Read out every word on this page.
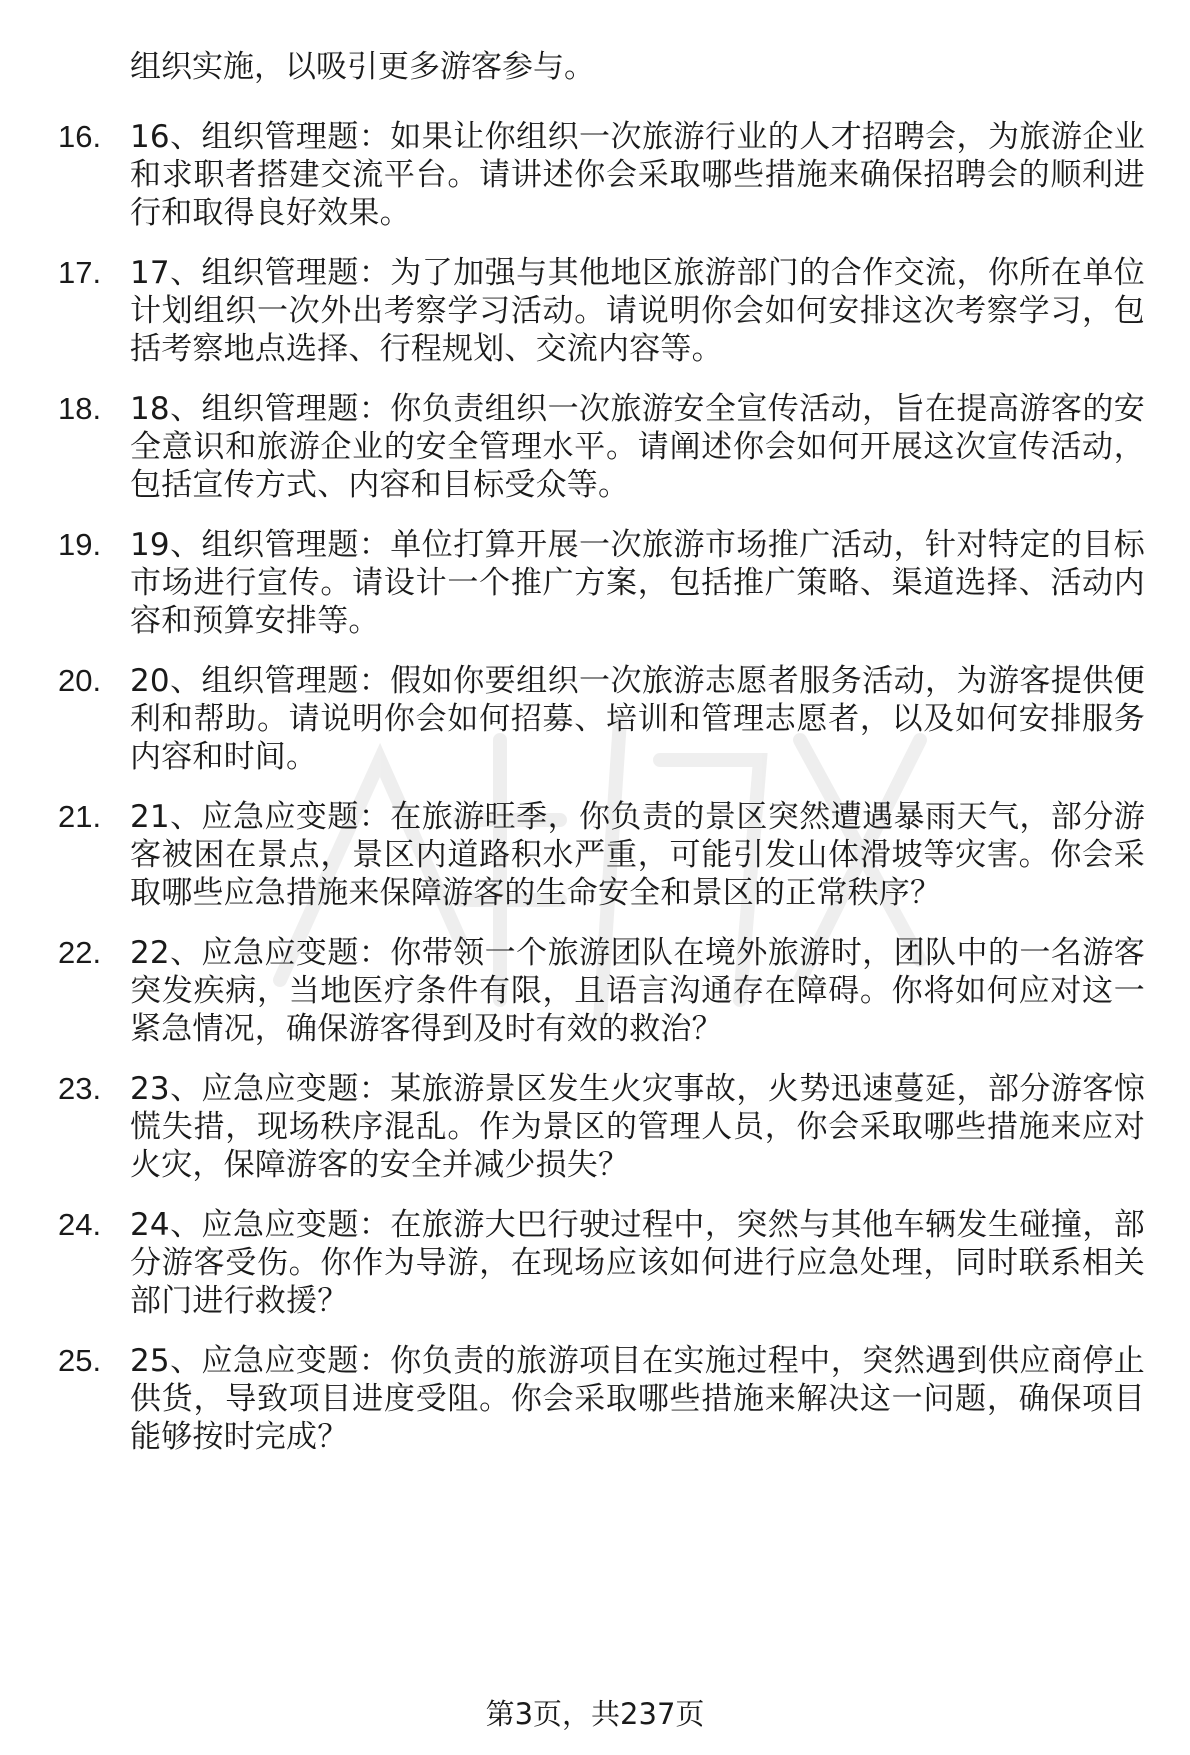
组织实施，以吸引更多游客参与。
16. 16、组织管理题：如果让你组织一次旅游行业的人才招聘会，为旅游企业和求职者搭建交流平台。请讲述你会采取哪些措施来确保招聘会的顺利进行和取得良好效果。
17. 17、组织管理题：为了加强与其他地区旅游部门的合作交流，你所在单位计划组织一次外出考察学习活动。请说明你会如何安排这次考察学习，包括考察地点选择、行程规划、交流内容等。
18. 18、组织管理题：你负责组织一次旅游安全宣传活动，旨在提高游客的安全意识和旅游企业的安全管理水平。请阐述你会如何开展这次宣传活动，包括宣传方式、内容和目标受众等。
19. 19、组织管理题：单位打算开展一次旅游市场推广活动，针对特定的目标市场进行宣传。请设计一个推广方案，包括推广策略、渠道选择、活动内容和预算安排等。
20. 20、组织管理题：假如你要组织一次旅游志愿者服务活动，为游客提供便利和帮助。请说明你会如何招募、培训和管理志愿者，以及如何安排服务内容和时间。
21. 21、应急应变题：在旅游旺季，你负责的景区突然遭遇暴雨天气，部分游客被困在景点，景区内道路积水严重，可能引发山体滑坡等灾害。你会采取哪些应急措施来保障游客的生命安全和景区的正常秩序？
22. 22、应急应变题：你带领一个旅游团队在境外旅游时，团队中的一名游客突发疾病，当地医疗条件有限，且语言沟通存在障碍。你将如何应对这一紧急情况，确保游客得到及时有效的救治？
23. 23、应急应变题：某旅游景区发生火灾事故，火势迅速蔓延，部分游客惊慌失措，现场秩序混乱。作为景区的管理人员，你会采取哪些措施来应对火灾，保障游客的安全并减少损失？
24. 24、应急应变题：在旅游大巴行驶过程中，突然与其他车辆发生碰撞，部分游客受伤。你作为导游，在现场应该如何进行应急处理，同时联系相关部门进行救援？
25. 25、应急应变题：你负责的旅游项目在实施过程中，突然遇到供应商停止供货，导致项目进度受阻。你会采取哪些措施来解决这一问题，确保项目能够按时完成？
第3页，共237页
